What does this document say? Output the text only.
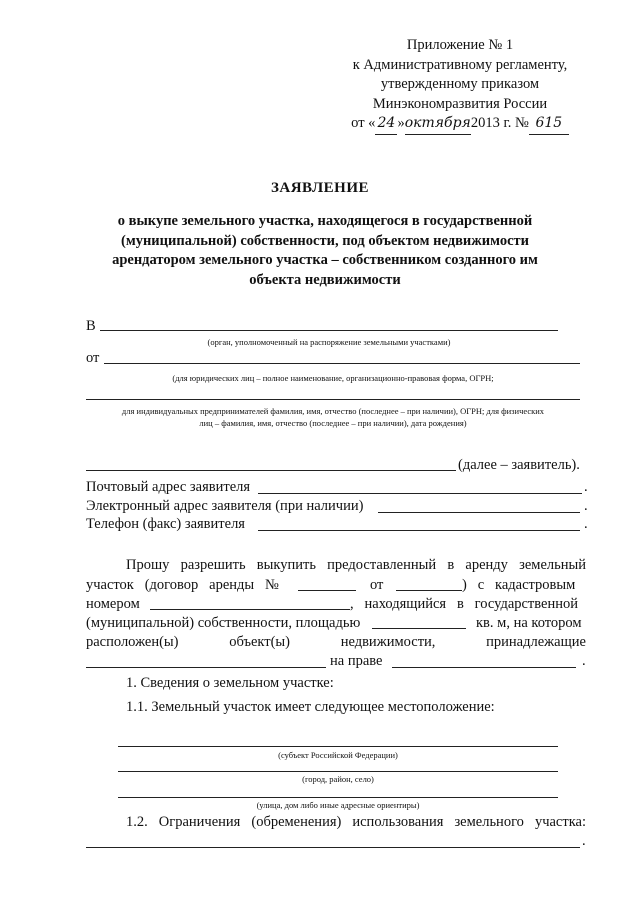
Приложение № 1
к Административному регламенту,
утвержденному приказом
Минэкономразвития России
от « 24 »октября2013 г. № 615
ЗАЯВЛЕНИЕ
о выкупе земельного участка, находящегося в государственной (муниципальной) собственности, под объектом недвижимости арендатором земельного участка – собственником созданного им объекта недвижимости
В
(орган, уполномоченный на распоряжение земельными участками)
от
(для юридических лиц – полное наименование, организационно-правовая форма, ОГРН;
для индивидуальных предпринимателей фамилия, имя, отчество (последнее – при наличии), ОГРН; для физических
лиц – фамилия, имя, отчество (последнее – при наличии), дата рождения)
(далее – заявитель).
Почтовый адрес заявителя	.
Электронный адрес заявителя (при наличии)	.
Телефон (факс) заявителя	.
Прошу разрешить выкупить предоставленный в аренду земельный
участок   (договор   аренды   №	от	)   с   кадастровым
номером	,   находящийся   в   государственной
(муниципальной) собственности, площадью	кв. м, на котором
расположен(ы)	объект(ы)	недвижимости,	принадлежащие
на праве	.
1. Сведения о земельном участке:
1.1. Земельный участок имеет следующее местоположение:
(субъект Российской Федерации)
(город, район, село)
(улица, дом либо иные адресные ориентиры)
1.2. Ограничения (обременения) использования земельного участка:
.
